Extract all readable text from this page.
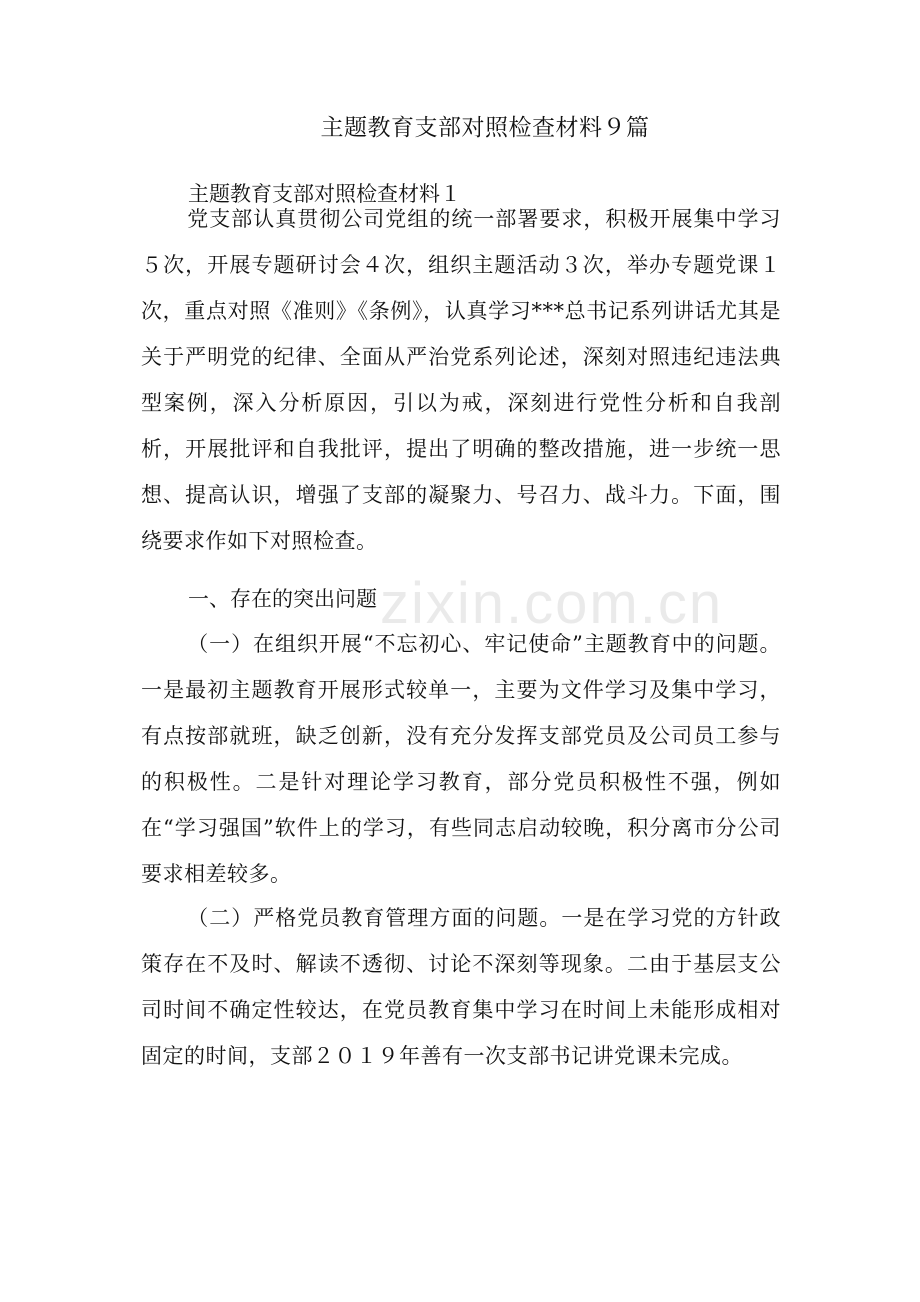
主题教育支部对照检查材料９篇
主题教育支部对照检查材料１

党支部认真贯彻公司党组的统一部署要求，积极开展集中学习５次，开展专题研讨会４次，组织主题活动３次，举办专题党课１次，重点对照《准则》《条例》，认真学习***总书记系列讲话尤其是关于严明党的纪律、全面从严治党系列论述，深刻对照违纪违法典型案例，深入分析原因，引以为戒，深刻进行党性分析和自我剖析，开展批评和自我批评，提出了明确的整改措施，进一步统一思想、提高认识，增强了支部的凝聚力、号召力、战斗力。下面，围绕要求作如下对照检查。

一、存在的突出问题

（一）在组织开展“不忘初心、牢记使命”主题教育中的问题。一是最初主题教育开展形式较单一，主要为文件学习及集中学习，有点按部就班，缺乏创新，没有充分发挥支部党员及公司员工参与的积极性。二是针对理论学习教育，部分党员积极性不强，例如在“学习强国”软件上的学习，有些同志启动较晚，积分离市分公司要求相差较多。

（二）严格党员教育管理方面的问题。一是在学习党的方针政策存在不及时、解读不透彻、讨论不深刻等现象。二由于基层支公司时间不确定性较达，在党员教育集中学习在时间上未能形成相对固定的时间，支部２０１９年善有一次支部书记讲党课未完成。

zixin.com.cn
